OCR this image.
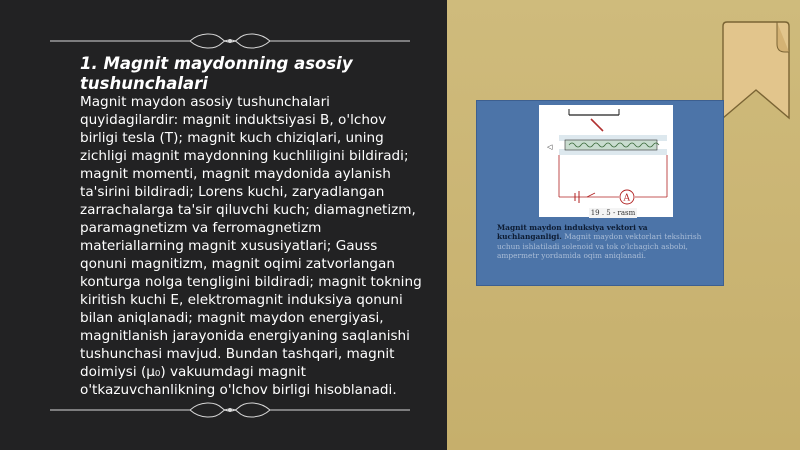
1. Magnit maydonning asosiy tushunchalari

Magnit maydon asosiy tushunchalari quyidagilardir: magnit induktsiyasi B, o'lchov birligi tesla (T); magnit kuch chiziqlari, uning zichligi magnit maydonning kuchliligini bildiradi; magnit momenti, magnit maydonida aylanish ta'sirini bildiradi; Lorens kuchi, zaryadlangan zarrachalarga ta'sir qiluvchi kuch; diamagnetizm, paramagnetizm va ferromagnetizm materiallarning magnit xususiyatlari; Gauss qonuni magnitizm, magnit oqimi zatvorlangan konturga nolga tengligini bildiradi; magnit tokning kiritish kuchi E, elektromagnit induksiya qonuni bilan aniqlanadi; magnit maydon energiyasi, magnitlanish jarayonida energiyaning saqlanishi tushunchasi mavjud. Bundan tashqari, magnit doimiysi (μ₀) vakuumdagi magnit o'tkazuvchanlikning o'lchov birligi hisoblanadi.

◁
A
19 . 5 - rasm

Magnit maydon induksiya vektori va kuchlanganligi. Magnit maydon vektorlari tekshirish uchun ishlatiladi solenoid va tok o'lchagich asbobi, ampermetr yordamida oqim aniqlanadi.
